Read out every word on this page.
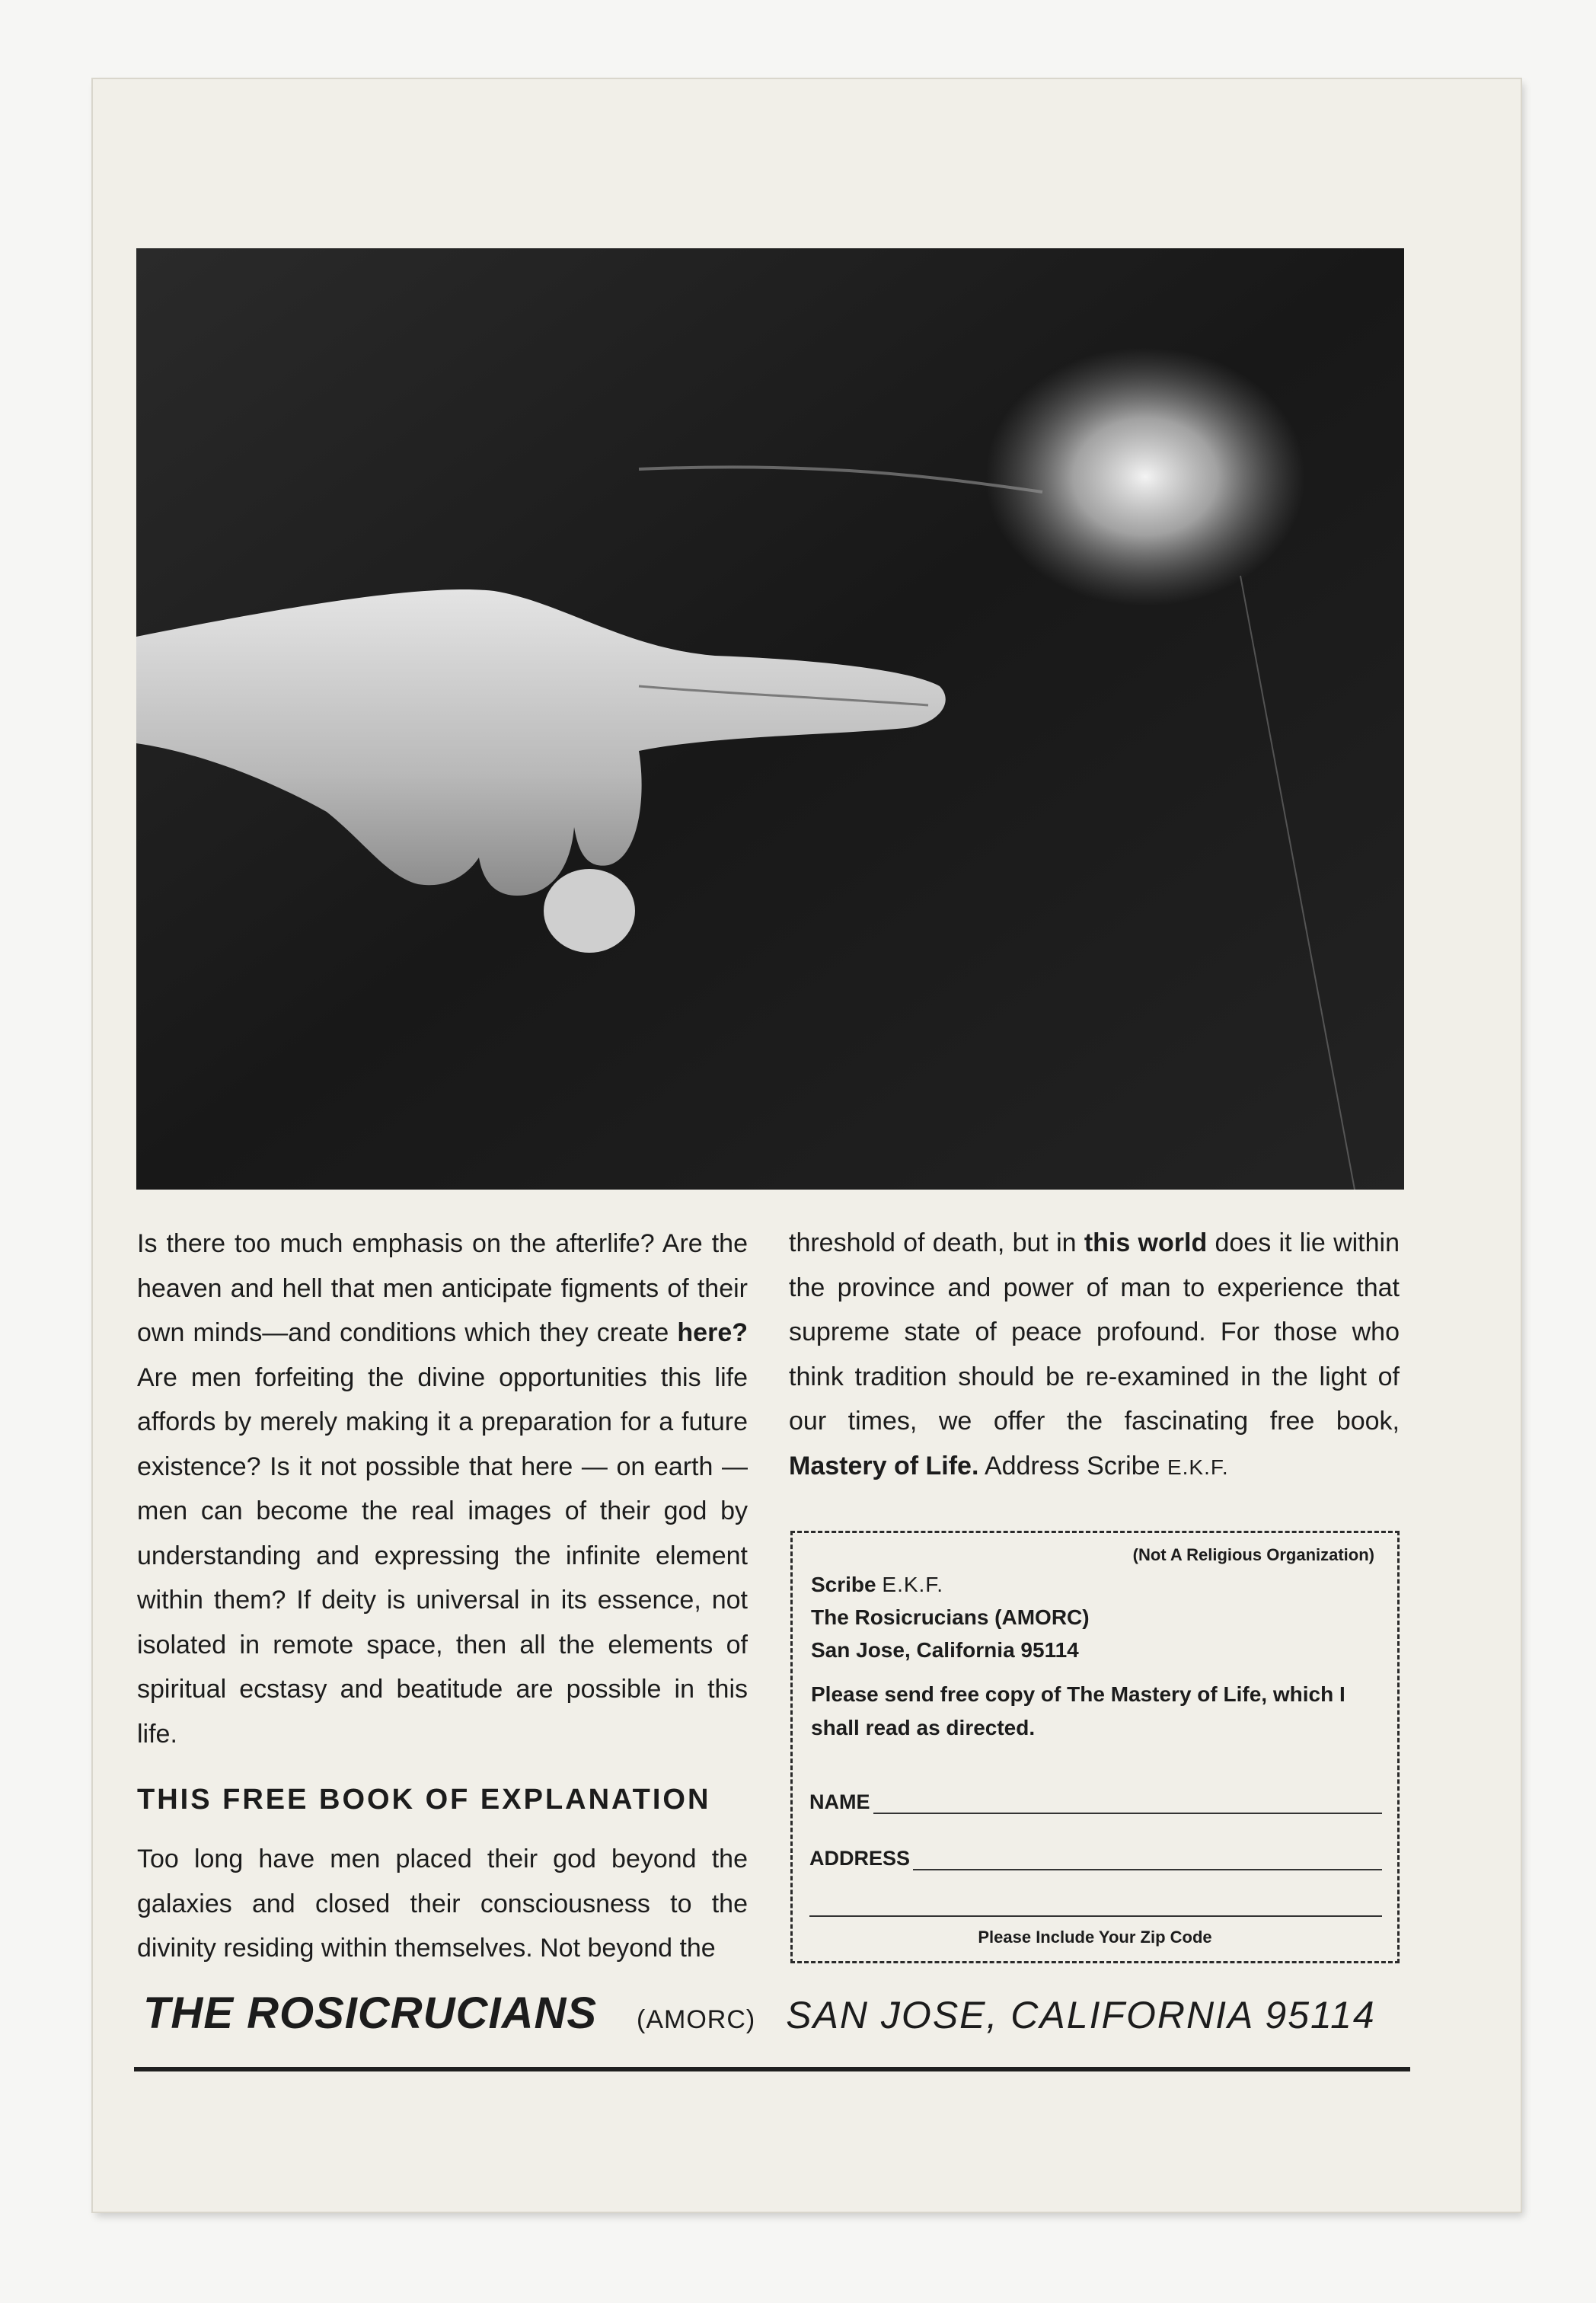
Is there too much emphasis on the afterlife? Are the heaven and hell that men anticipate figments of their own minds—and conditions which they create here? Are men forfeiting the divine opportunities this life affords by merely making it a preparation for a future existence? Is it not possible that here — on earth — men can become the real images of their god by understanding and expressing the infinite element within them? If deity is universal in its essence, not isolated in remote space, then all the elements of spiritual ecstasy and beatitude are possible in this life.

THIS FREE BOOK OF EXPLANATION

Too long have men placed their god beyond the galaxies and closed their consciousness to the divinity residing within themselves. Not beyond the

threshold of death, but in this world does it lie within the province and power of man to experience that supreme state of peace profound. For those who think tradition should be re-examined in the light of our times, we offer the fascinating free book, Mastery of Life. Address Scribe E.K.F.

(Not A Religious Organization)
Scribe E.K.F.
The Rosicrucians (AMORC)
San Jose, California 95114
Please send free copy of The Mastery of Life, which I shall read as directed.
NAME
ADDRESS
Please Include Your Zip Code
THE ROSICRUCIANS (AMORC) SAN JOSE, CALIFORNIA 95114
